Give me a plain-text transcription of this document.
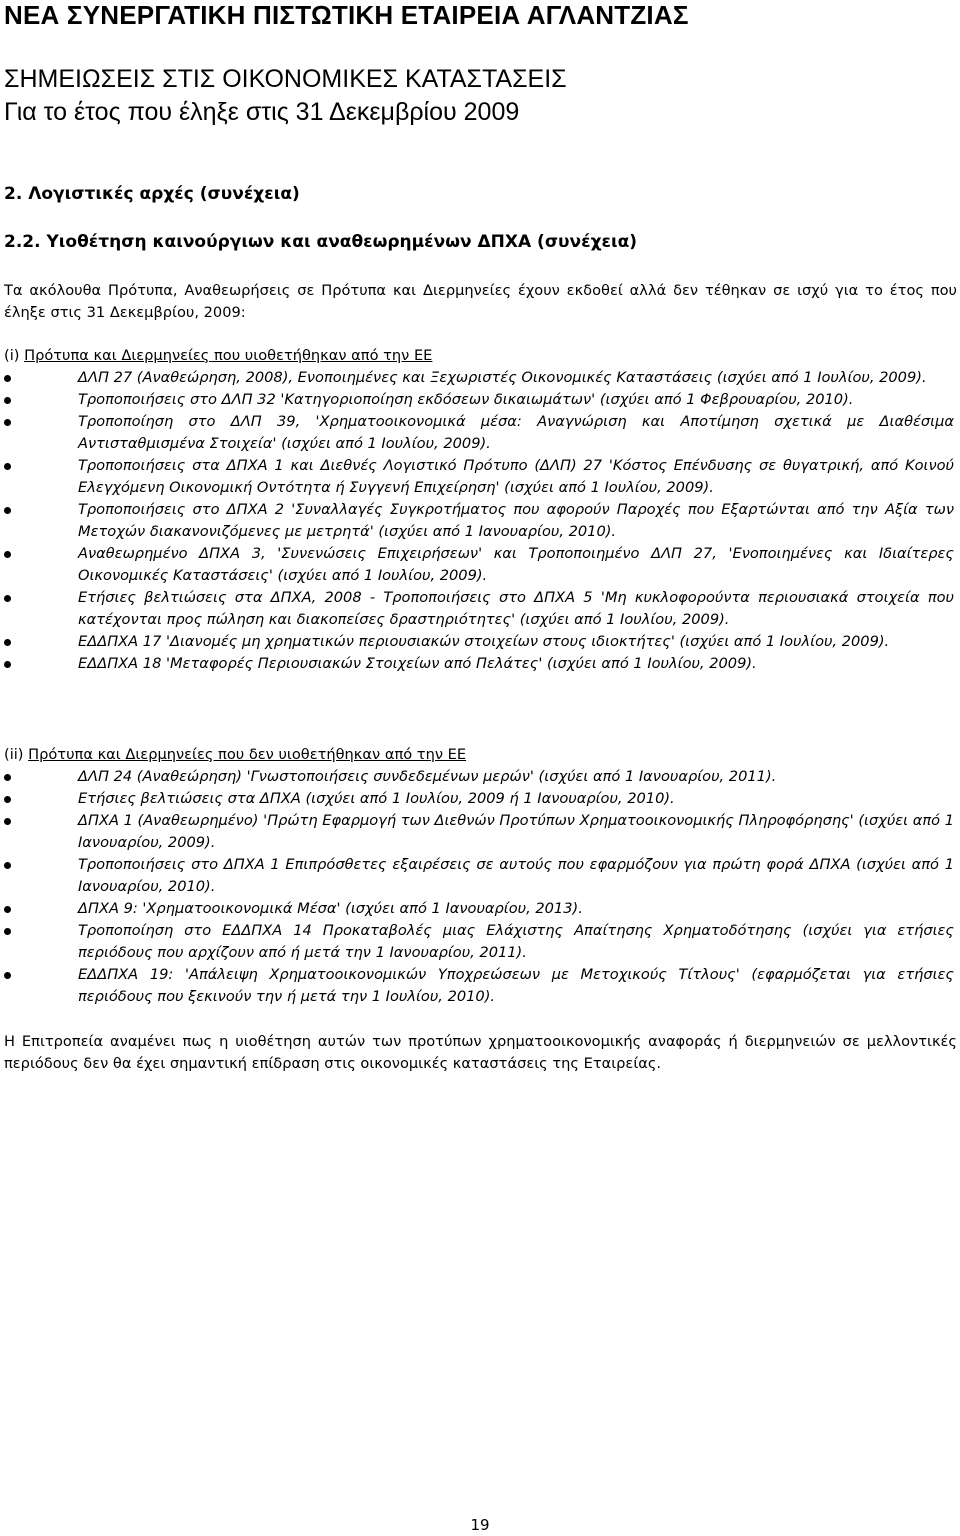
ΝΕΑ ΣΥΝΕΡΓΑΤΙΚΗ ΠΙΣΤΩΤΙΚΗ ΕΤΑΙΡΕΙΑ ΑΓΛΑΝΤΖΙΑΣ
ΣΗΜΕΙΩΣΕΙΣ ΣΤΙΣ ΟΙΚΟΝΟΜΙΚΕΣ ΚΑΤΑΣΤΑΣΕΙΣ
Για το έτος που έληξε στις 31 Δεκεμβρίου 2009
2. Λογιστικές αρχές (συνέχεια)
2.2. Υιοθέτηση καινούργιων και αναθεωρημένων ΔΠΧΑ (συνέχεια)

Τα ακόλουθα Πρότυπα, Αναθεωρήσεις σε Πρότυπα και Διερμηνείες έχουν εκδοθεί αλλά δεν τέθηκαν σε ισχύ για το έτος που έληξε στις 31 Δεκεμβρίου, 2009:

(i) Πρότυπα και Διερμηνείες που υιοθετήθηκαν από την ΕΕ
ΔΛΠ 27 (Αναθεώρηση, 2008), Ενοποιημένες και Ξεχωριστές Οικονομικές Καταστάσεις (ισχύει από 1 Ιουλίου, 2009).
Τροποποιήσεις στο ΔΛΠ 32 'Κατηγοριοποίηση εκδόσεων δικαιωμάτων' (ισχύει από 1 Φεβρουαρίου, 2010).
Τροποποίηση στο ΔΛΠ 39, 'Χρηματοοικονομικά μέσα: Αναγνώριση και Αποτίμηση σχετικά με Διαθέσιμα Αντισταθμισμένα Στοιχεία' (ισχύει από 1 Ιουλίου, 2009).
Τροποποιήσεις στα ΔΠΧΑ 1 και Διεθνές Λογιστικό Πρότυπο (ΔΛΠ) 27 'Κόστος Επένδυσης σε θυγατρική, από Κοινού Ελεγχόμενη Οικονομική Οντότητα ή Συγγενή Επιχείρηση' (ισχύει από 1 Ιουλίου, 2009).
Τροποποιήσεις στο ΔΠΧΑ 2 'Συναλλαγές Συγκροτήματος που αφορούν Παροχές που Εξαρτώνται από την Αξία των Μετοχών διακανονιζόμενες με μετρητά' (ισχύει από 1 Ιανουαρίου, 2010).
Αναθεωρημένο ΔΠΧΑ 3, 'Συνενώσεις Επιχειρήσεων' και Τροποποιημένο ΔΛΠ 27, 'Ενοποιημένες και Ιδιαίτερες Οικονομικές Καταστάσεις' (ισχύει από 1 Ιουλίου, 2009).
Ετήσιες βελτιώσεις στα ΔΠΧΑ, 2008 - Τροποποιήσεις στο ΔΠΧΑ 5 'Μη κυκλοφορούντα περιουσιακά στοιχεία που κατέχονται προς πώληση και διακοπείσες δραστηριότητες' (ισχύει από 1 Ιουλίου, 2009).
ΕΔΔΠΧΑ 17 'Διανομές μη χρηματικών περιουσιακών στοιχείων στους ιδιοκτήτες' (ισχύει από 1 Ιουλίου, 2009).
ΕΔΔΠΧΑ 18 'Μεταφορές Περιουσιακών Στοιχείων από Πελάτες' (ισχύει από 1 Ιουλίου, 2009).
(ii) Πρότυπα και Διερμηνείες που δεν υιοθετήθηκαν από την ΕΕ
ΔΛΠ 24 (Αναθεώρηση) 'Γνωστοποιήσεις συνδεδεμένων μερών' (ισχύει από 1 Ιανουαρίου, 2011).
Ετήσιες βελτιώσεις στα ΔΠΧΑ (ισχύει από 1 Ιουλίου, 2009 ή 1 Ιανουαρίου, 2010).
ΔΠΧΑ 1 (Αναθεωρημένο) 'Πρώτη Εφαρμογή των Διεθνών Προτύπων Χρηματοοικονομικής Πληροφόρησης' (ισχύει από 1 Ιανουαρίου, 2009).
Τροποποιήσεις στο ΔΠΧΑ 1 Επιπρόσθετες εξαιρέσεις σε αυτούς που εφαρμόζουν για πρώτη φορά ΔΠΧΑ (ισχύει από 1 Ιανουαρίου, 2010).
ΔΠΧΑ 9: 'Χρηματοοικονομικά Μέσα' (ισχύει από 1 Ιανουαρίου, 2013).
Τροποποίηση στο ΕΔΔΠΧΑ 14 Προκαταβολές μιας Ελάχιστης Απαίτησης Χρηματοδότησης (ισχύει για ετήσιες περιόδους που αρχίζουν από ή μετά την 1 Ιανουαρίου, 2011).
ΕΔΔΠΧΑ 19: 'Απάλειψη Χρηματοοικονομικών Υποχρεώσεων με Μετοχικούς Τίτλους' (εφαρμόζεται για ετήσιες περιόδους που ξεκινούν την ή μετά την 1 Ιουλίου, 2010).

Η Επιτροπεία αναμένει πως η υιοθέτηση αυτών των προτύπων χρηματοοικονομικής αναφοράς ή διερμηνειών σε μελλοντικές περιόδους δεν θα έχει σημαντική επίδραση στις οικονομικές καταστάσεις της Εταιρείας.

19
